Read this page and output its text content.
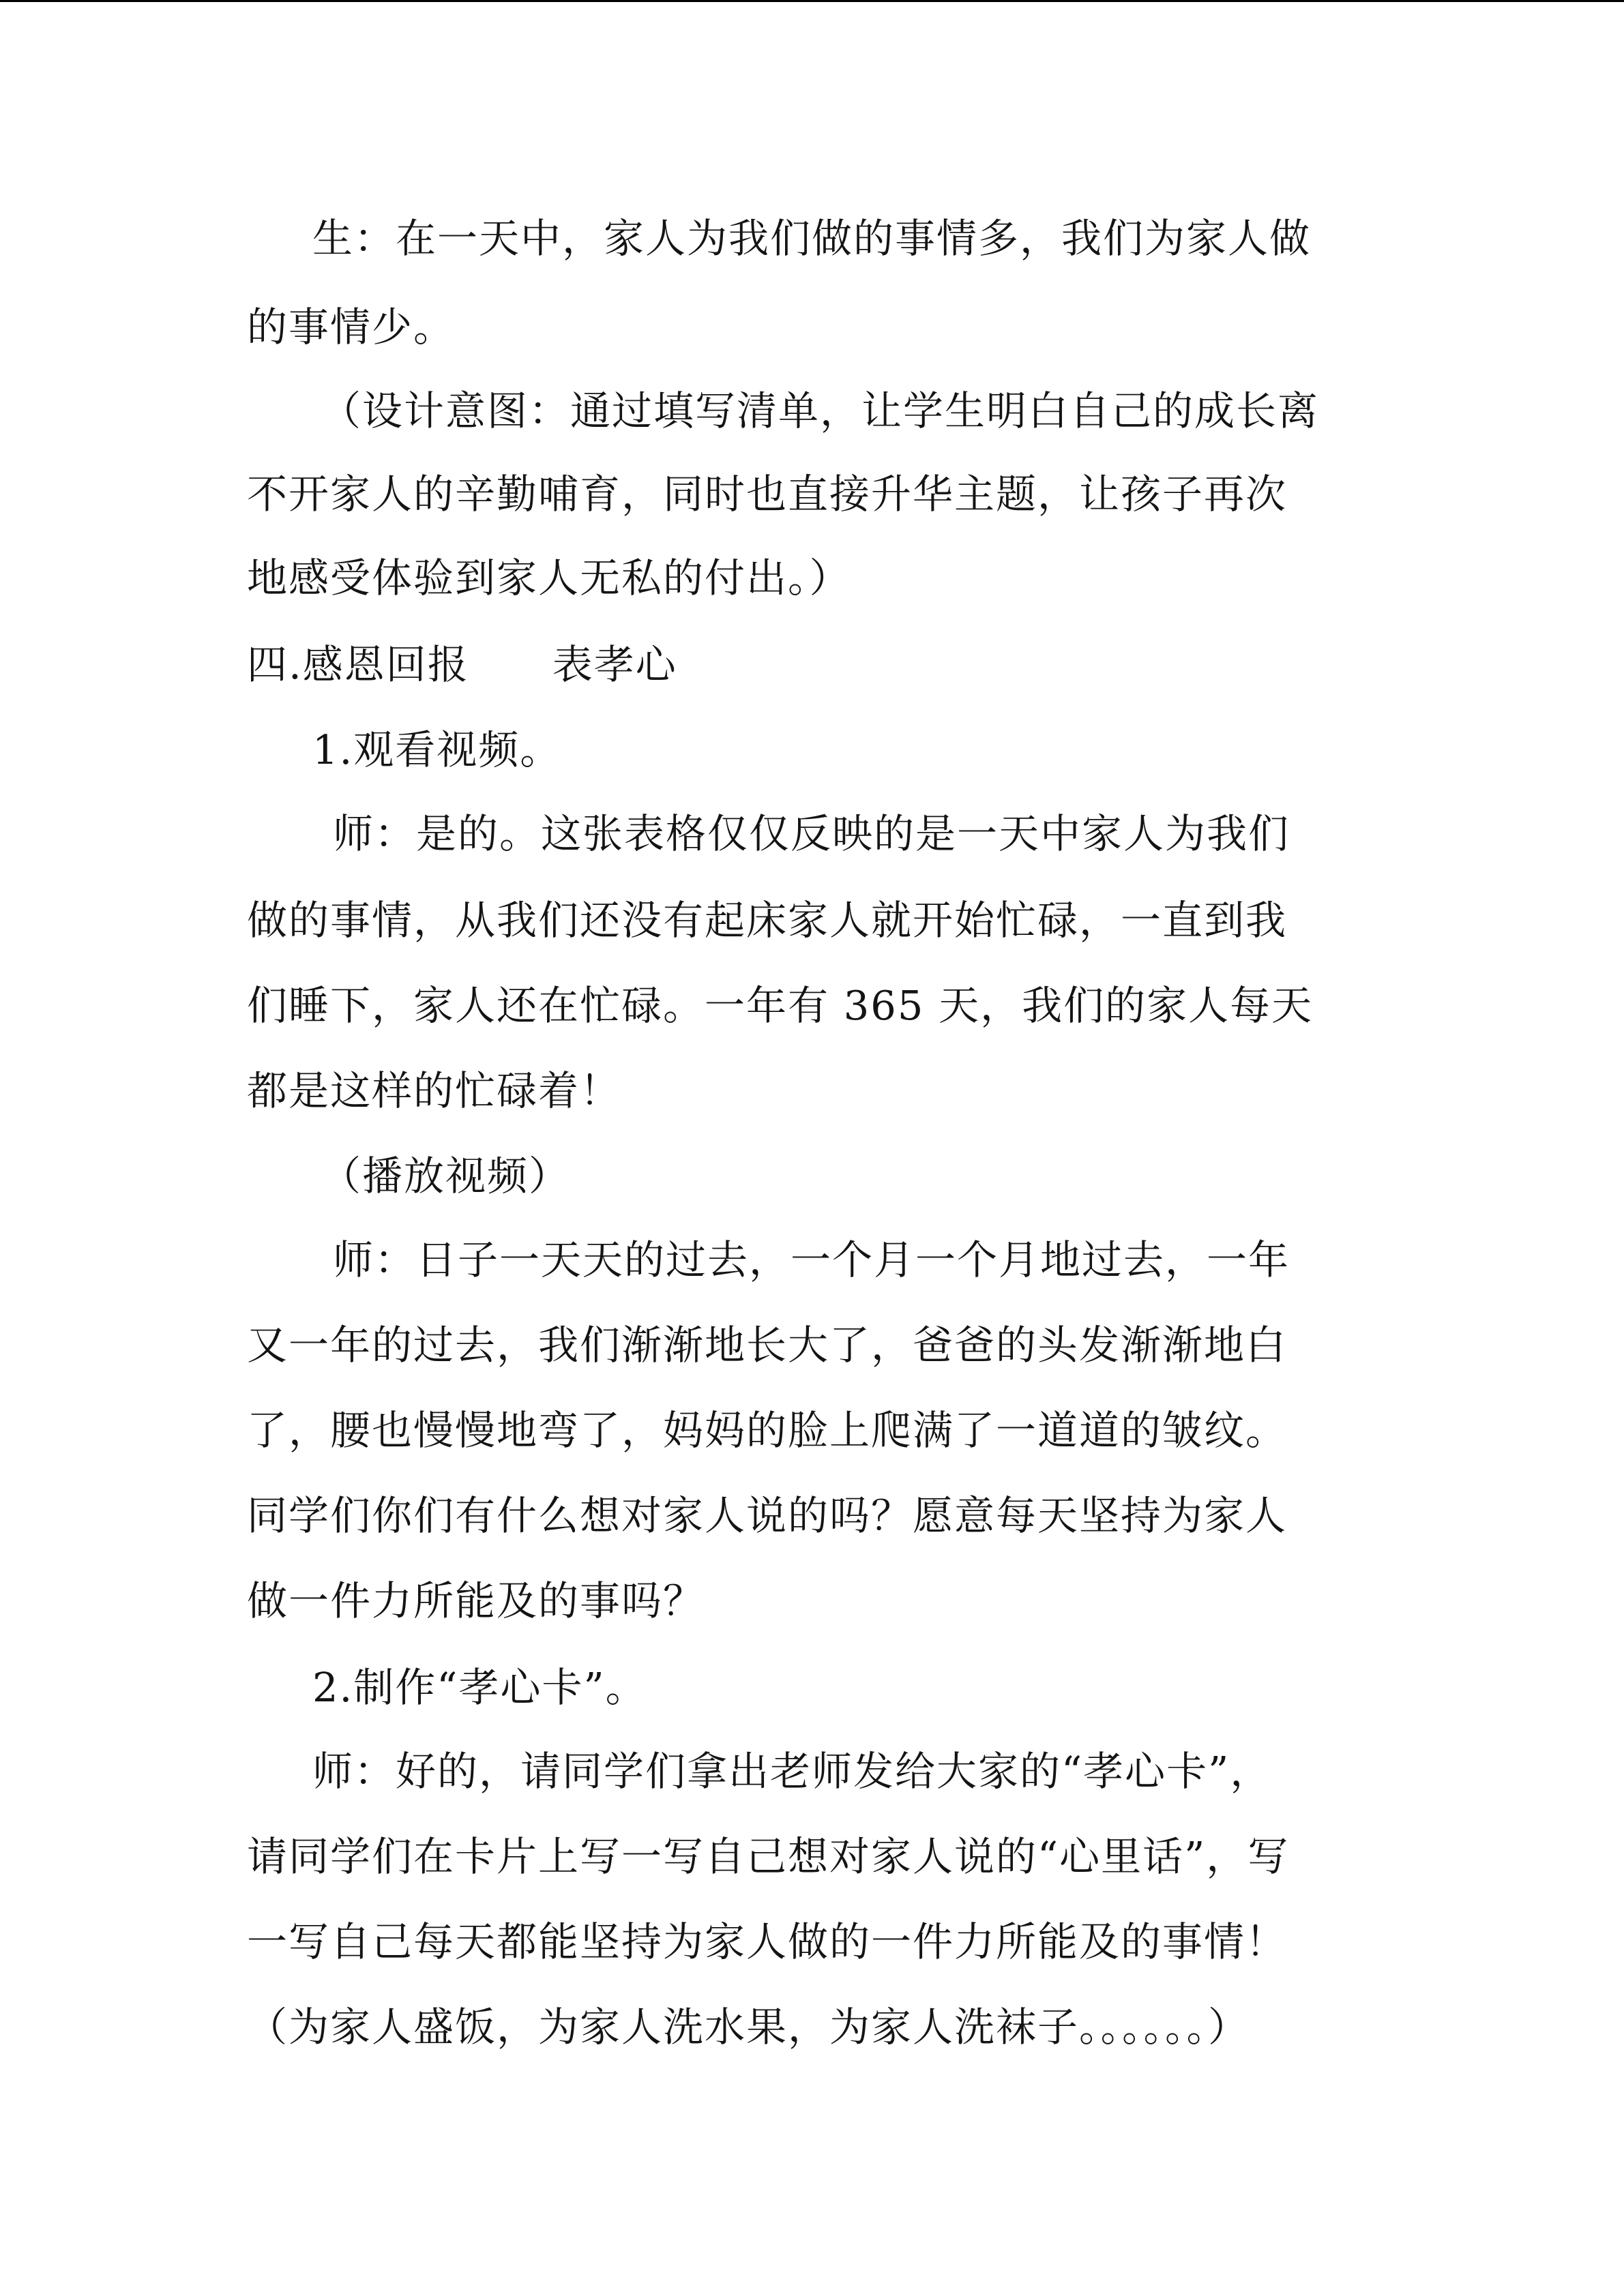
生：在一天中，家人为我们做的事情多，我们为家人做
的事情少。
（设计意图：通过填写清单，让学生明白自己的成长离
不开家人的辛勤哺育，同时也直接升华主题，让孩子再次
地感受体验到家人无私的付出。）
四.感恩回报　　表孝心
1.观看视频。
师：是的。这张表格仅仅反映的是一天中家人为我们
做的事情，从我们还没有起床家人就开始忙碌，一直到我
们睡下，家人还在忙碌。一年有 365 天，我们的家人每天
都是这样的忙碌着！
（播放视频）
师：日子一天天的过去，一个月一个月地过去，一年
又一年的过去，我们渐渐地长大了，爸爸的头发渐渐地白
了，腰也慢慢地弯了，妈妈的脸上爬满了一道道的皱纹。
同学们你们有什么想对家人说的吗？愿意每天坚持为家人
做一件力所能及的事吗？
2.制作“孝心卡”。
师：好的，请同学们拿出老师发给大家的“孝心卡”，
请同学们在卡片上写一写自己想对家人说的“心里话”，写
一写自己每天都能坚持为家人做的一件力所能及的事情！
（为家人盛饭，为家人洗水果，为家人洗袜子。。。。。。）
